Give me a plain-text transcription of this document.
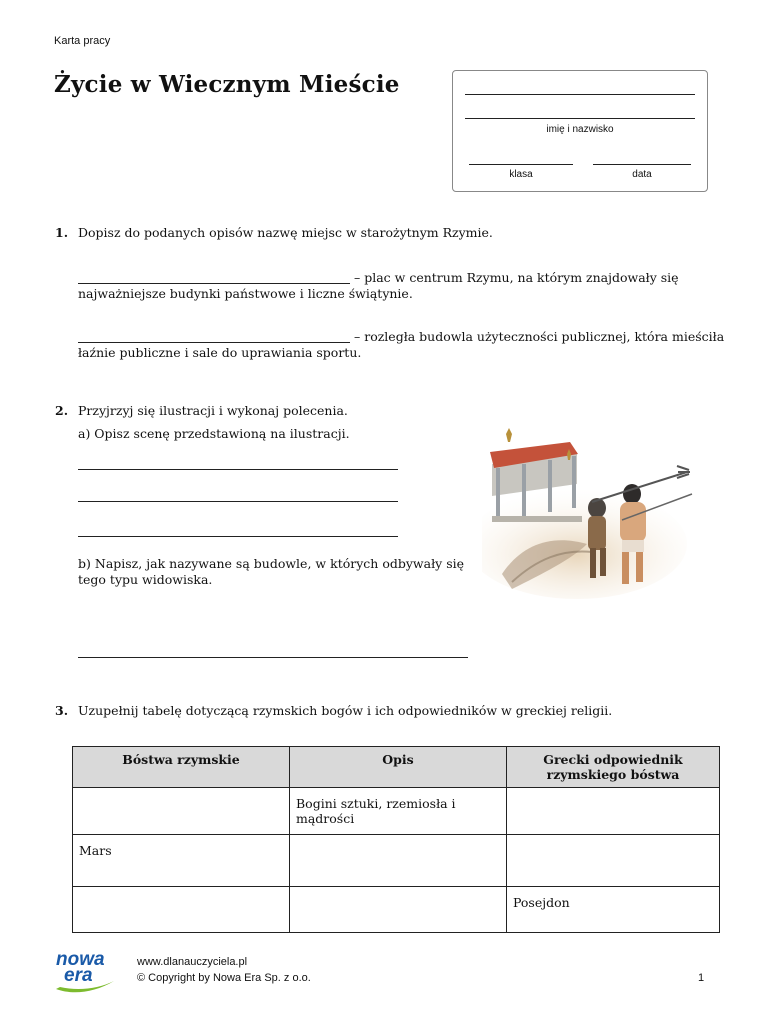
Karta pracy
Życie w Wiecznym Mieście
imię i nazwisko
klasa	data
1. Dopisz do podanych opisów nazwę miejsc w starożytnym Rzymie.
– plac w centrum Rzymu, na którym znajdowały się
najważniejsze budynki państwowe i liczne świątynie.
– rozległa budowla użyteczności publicznej, która mieściła
łaźnie publiczne i sale do uprawiania sportu.
2. Przyjrzyj się ilustracji i wykonaj polecenia.
a) Opisz scenę przedstawioną na ilustracji.
b) Napisz, jak nazywane są budowle, w których odbywały się
tego typu widowiska.
3. Uzupełnij tabelę dotyczącą rzymskich bogów i ich odpowiedników w greckiej religii.
Bóstwa rzymskie	Opis	Grecki odpowiednik rzymskiego bóstwa
	Bogini sztuki, rzemiosła i mądrości	
Mars		
		Posejdon
nowa
era
www.dlanauczyciela.pl
© Copyright by Nowa Era Sp. z o.o.	1
